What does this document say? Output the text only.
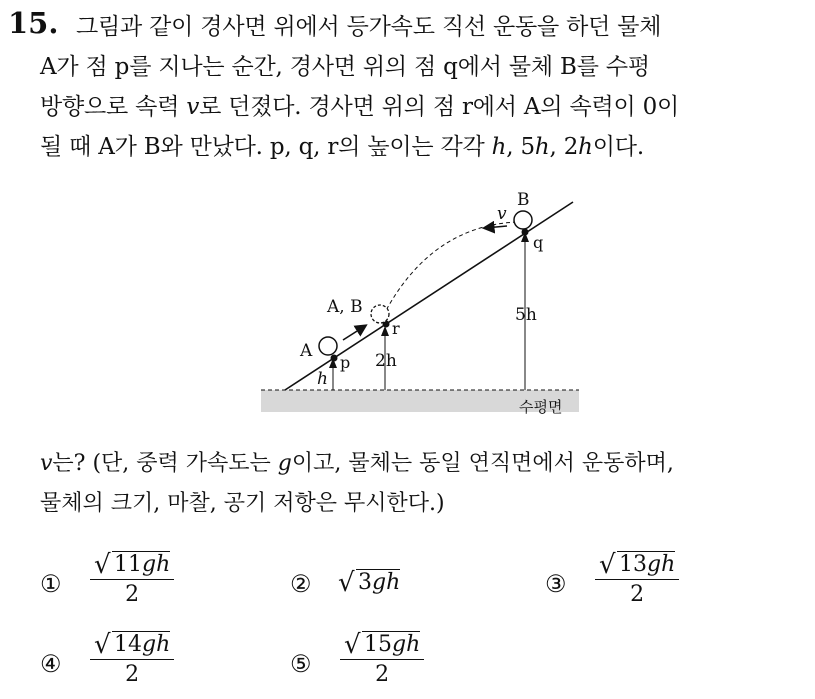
15. 그림과 같이 경사면 위에서 등가속도 직선 운동을 하던 물체
A가 점 p를 지나는 순간, 경사면 위의 점 q에서 물체 B를 수평
방향으로 속력 𝑣로 던졌다. 경사면 위의 점 r에서 A의 속력이 0이
될 때 A가 B와 만났다. p, q, r의 높이는 각각 ℎ, 5ℎ, 2ℎ이다.
B
v
q
A, B
r
A
p
h
2h
5h
수평면
𝑣는? (단, 중력 가속도는 𝑔이고, 물체는 동일 연직면에서 운동하며,
물체의 크기, 마찰, 공기 저항은 무시한다.)
① $\frac{√ 11gh}{2}$	② √ 3gh	③ $\frac{√ 13gh}{2}$
④ $\frac{√ 14gh}{2}$	⑤ $\frac{√ 15gh}{2}$
